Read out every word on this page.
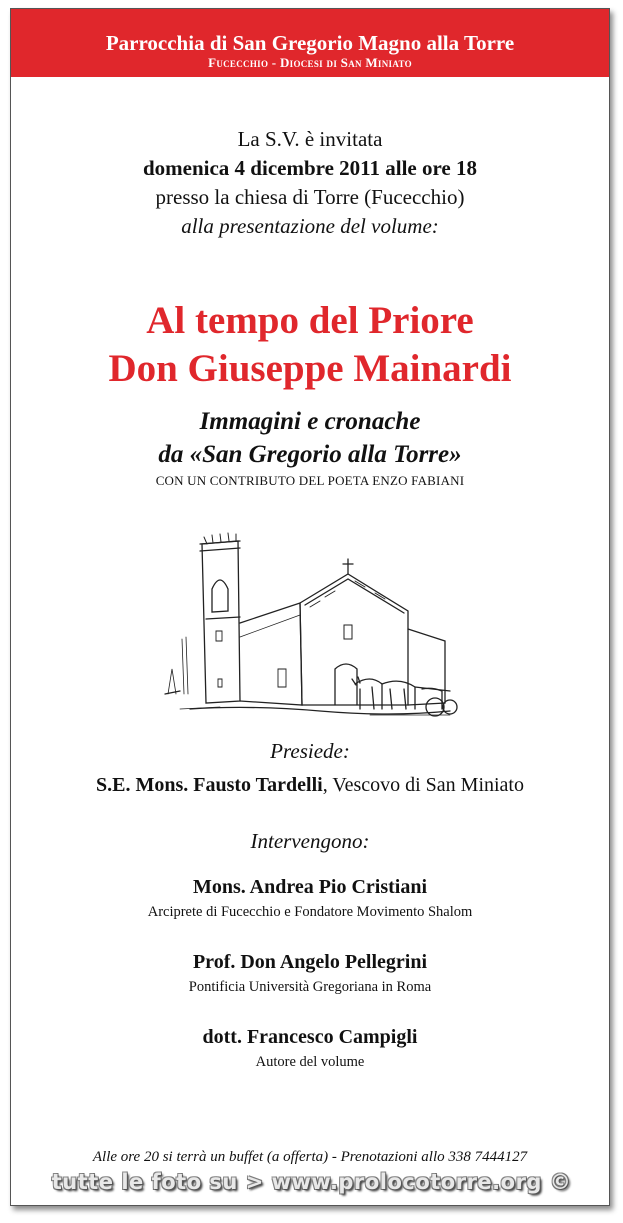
Parrocchia di San Gregorio Magno alla Torre
Fucecchio - Diocesi di San Miniato
La S.V. è invitata
domenica 4 dicembre 2011 alle ore 18
presso la chiesa di Torre (Fucecchio)
alla presentazione del volume:
Al tempo del Priore
Don Giuseppe Mainardi
Immagini e cronache
da «San Gregorio alla Torre»
CON UN CONTRIBUTO DEL POETA ENZO FABIANI
Presiede:
S.E. Mons. Fausto Tardelli, Vescovo di San Miniato
Intervengono:
Mons. Andrea Pio Cristiani
Arciprete di Fucecchio e Fondatore Movimento Shalom
Prof. Don Angelo Pellegrini
Pontificia Università Gregoriana in Roma
dott. Francesco Campigli
Autore del volume
Alle ore 20 si terrà un buffet (a offerta) - Prenotazioni allo 338 7444127
tutte le foto su > www.prolocotorre.org ©
